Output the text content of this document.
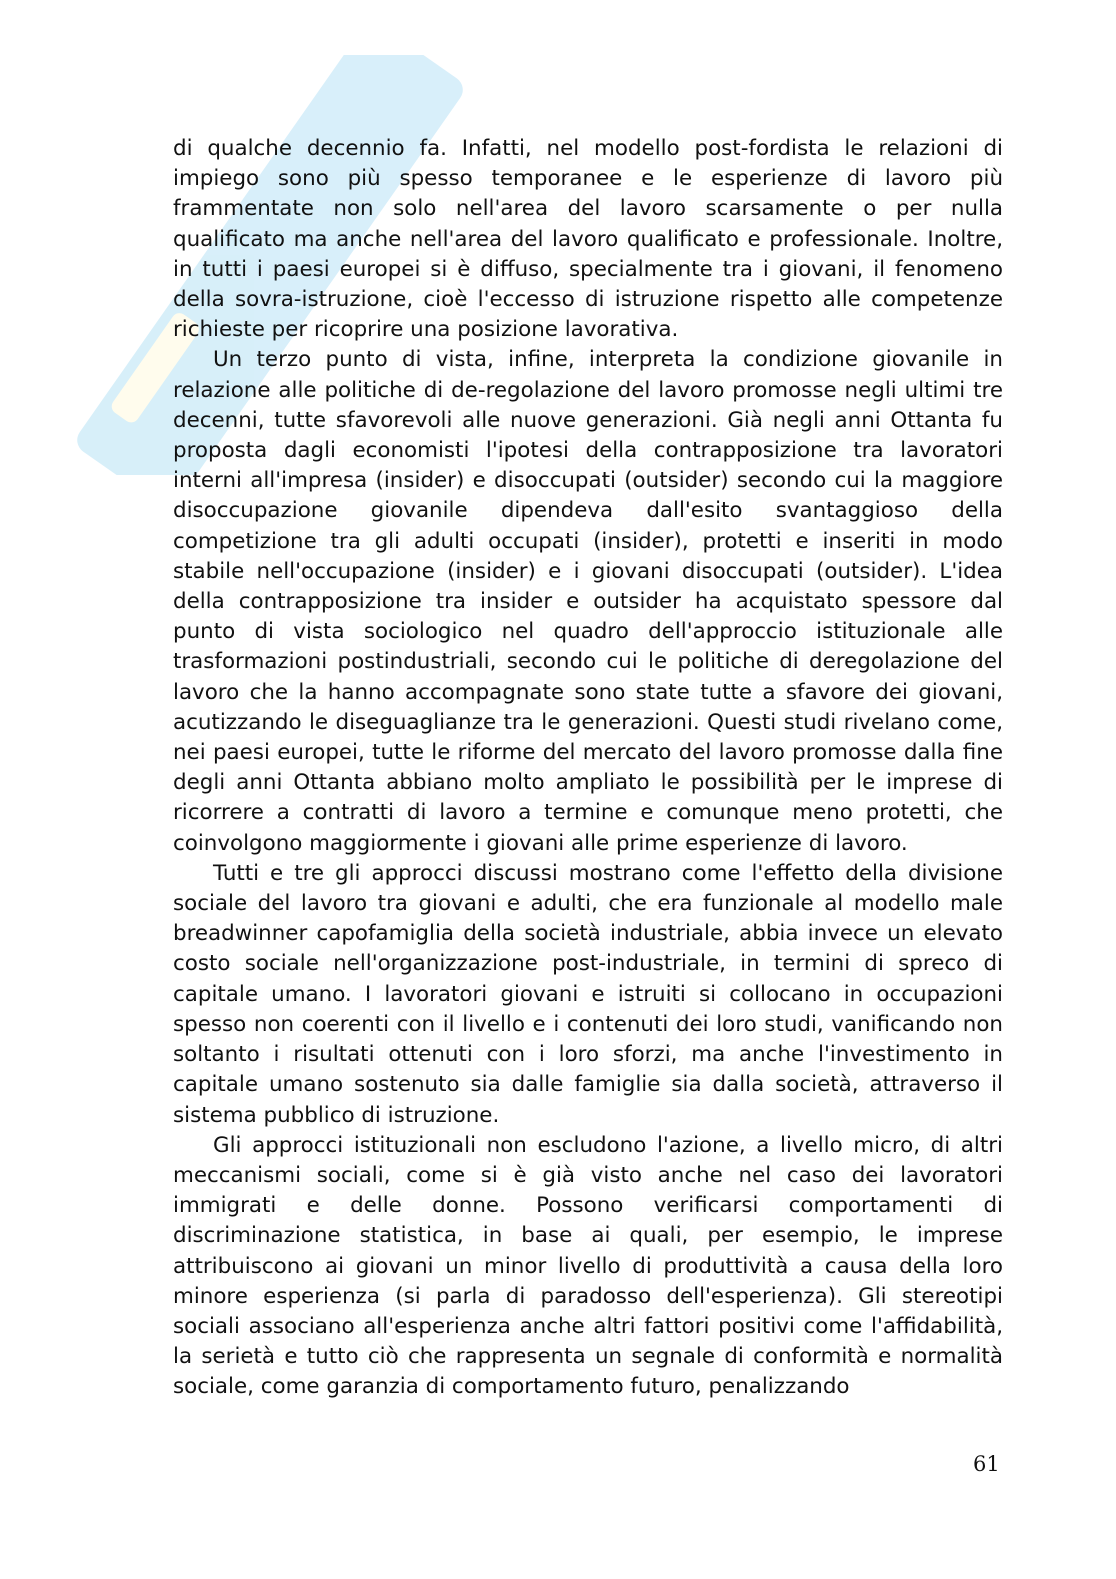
di qualche decennio fa. Infatti, nel modello post-fordista le relazioni di impiego sono più spesso temporanee e le esperienze di lavoro più frammentate non solo nell'area del lavoro scarsamente o per nulla qualificato ma anche nell'area del lavoro qualificato e professionale. Inoltre, in tutti i paesi europei si è diffuso, specialmente tra i giovani, il fenomeno della sovra-istruzione, cioè l'eccesso di istruzione rispetto alle competenze richieste per ricoprire una posizione lavorativa.

Un terzo punto di vista, infine, interpreta la condizione giovanile in relazione alle politiche di de-regolazione del lavoro promosse negli ultimi tre decenni, tutte sfavorevoli alle nuove generazioni. Già negli anni Ottanta fu proposta dagli economisti l'ipotesi della contrapposizione tra lavoratori interni all'impresa (insider) e disoccupati (outsider) secondo cui la maggiore disoccupazione giovanile dipendeva dall'esito svantaggioso della competizione tra gli adulti occupati (insider), protetti e inseriti in modo stabile nell'occupazione (insider) e i giovani disoccupati (outsider). L'idea della contrapposizione tra insider e outsider ha acquistato spessore dal punto di vista sociologico nel quadro dell'approccio istituzionale alle trasformazioni postindustriali, secondo cui le politiche di deregolazione del lavoro che la hanno accompagnate sono state tutte a sfavore dei giovani, acutizzando le diseguaglianze tra le generazioni. Questi studi rivelano come, nei paesi europei, tutte le riforme del mercato del lavoro promosse dalla fine degli anni Ottanta abbiano molto ampliato le possibilità per le imprese di ricorrere a contratti di lavoro a termine e comunque meno protetti, che coinvolgono maggiormente i giovani alle prime esperienze di lavoro.

Tutti e tre gli approcci discussi mostrano come l'effetto della divisione sociale del lavoro tra giovani e adulti, che era funzionale al modello male breadwinner capofamiglia della società industriale, abbia invece un elevato costo sociale nell'organizzazione post-industriale, in termini di spreco di capitale umano. I lavoratori giovani e istruiti si collocano in occupazioni spesso non coerenti con il livello e i contenuti dei loro studi, vanificando non soltanto i risultati ottenuti con i loro sforzi, ma anche l'investimento in capitale umano sostenuto sia dalle famiglie sia dalla società, attraverso il sistema pubblico di istruzione.

Gli approcci istituzionali non escludono l'azione, a livello micro, di altri meccanismi sociali, come si è già visto anche nel caso dei lavoratori immigrati e delle donne. Possono verificarsi comportamenti di discriminazione statistica, in base ai quali, per esempio, le imprese attribuiscono ai giovani un minor livello di produttività a causa della loro minore esperienza (si parla di paradosso dell'esperienza). Gli stereotipi sociali associano all'esperienza anche altri fattori positivi come l'affidabilità, la serietà e tutto ciò che rappresenta un segnale di conformità e normalità sociale, come garanzia di comportamento futuro, penalizzando

61
